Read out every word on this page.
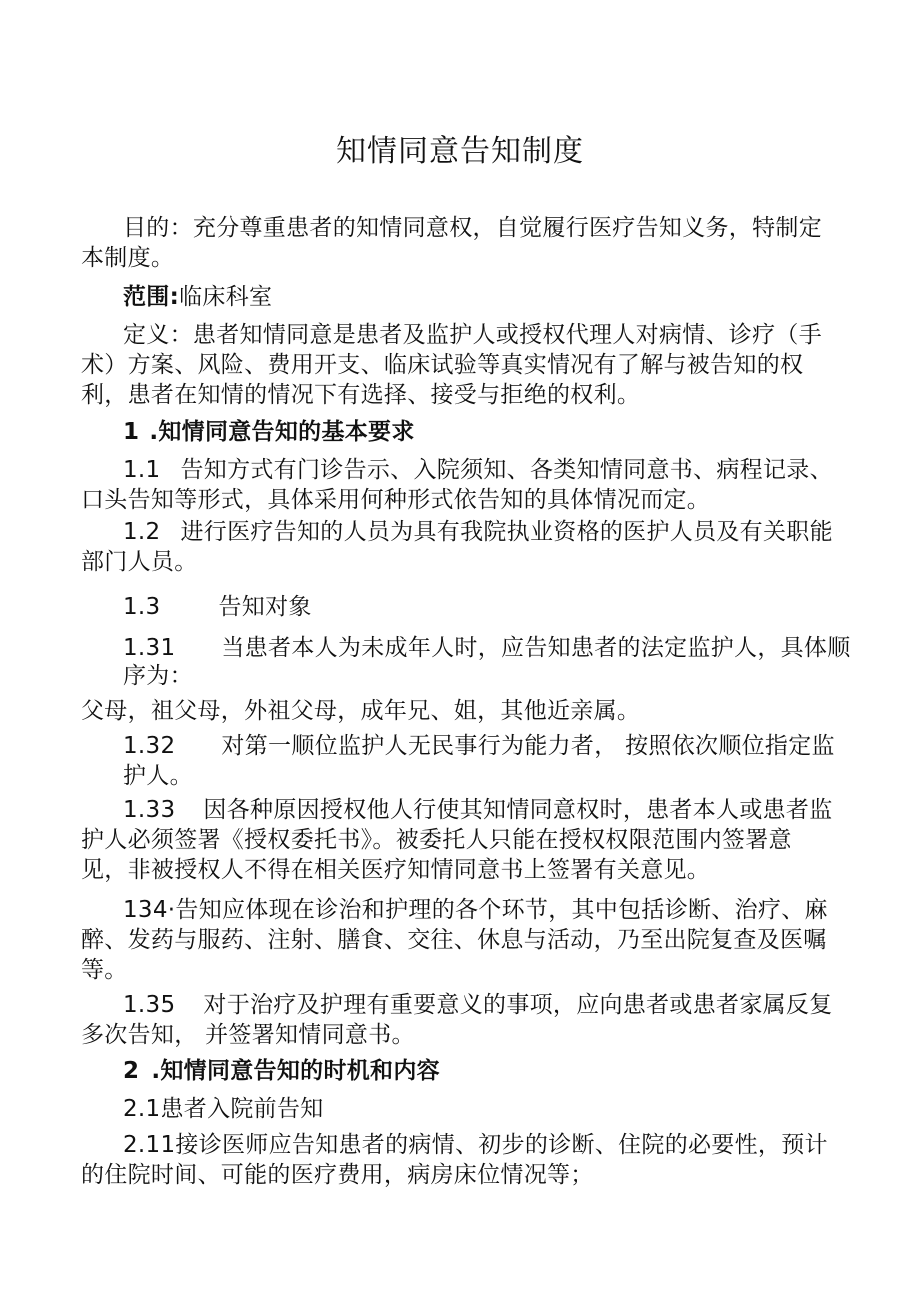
知情同意告知制度
目的：充分尊重患者的知情同意权，自觉履行医疗告知义务，特制定
本制度。
范围:临床科室
定义：患者知情同意是患者及监护人或授权代理人对病情、诊疗（手
术）方案、风险、费用开支、临床试验等真实情况有了解与被告知的权
利，患者在知情的情况下有选择、接受与拒绝的权利。
1 .知情同意告知的基本要求
1.1 告知方式有门诊告示、入院须知、各类知情同意书、病程记录、
口头告知等形式，具体采用何种形式依告知的具体情况而定。
1.2 进行医疗告知的人员为具有我院执业资格的医护人员及有关职能
部门人员。
1.3	告知对象
1.31 当患者本人为未成年人时，应告知患者的法定监护人，具体顺
序为：
父母，祖父母，外祖父母，成年兄、姐，其他近亲属。
1.32 对第一顺位监护人无民事行为能力者， 按照依次顺位指定监
护人。
1.33 因各种原因授权他人行使其知情同意权时，患者本人或患者监
护人必须签署《授权委托书》。被委托人只能在授权权限范围内签署意
见，非被授权人不得在相关医疗知情同意书上签署有关意见。
134·告知应体现在诊治和护理的各个环节，其中包括诊断、治疗、麻
醉、发药与服药、注射、膳食、交往、休息与活动，乃至出院复查及医嘱
等。
1.35 对于治疗及护理有重要意义的事项，应向患者或患者家属反复
多次告知， 并签署知情同意书。
2 .知情同意告知的时机和内容
2.1患者入院前告知
2.11接诊医师应告知患者的病情、初步的诊断、住院的必要性，预计
的住院时间、可能的医疗费用，病房床位情况等；
